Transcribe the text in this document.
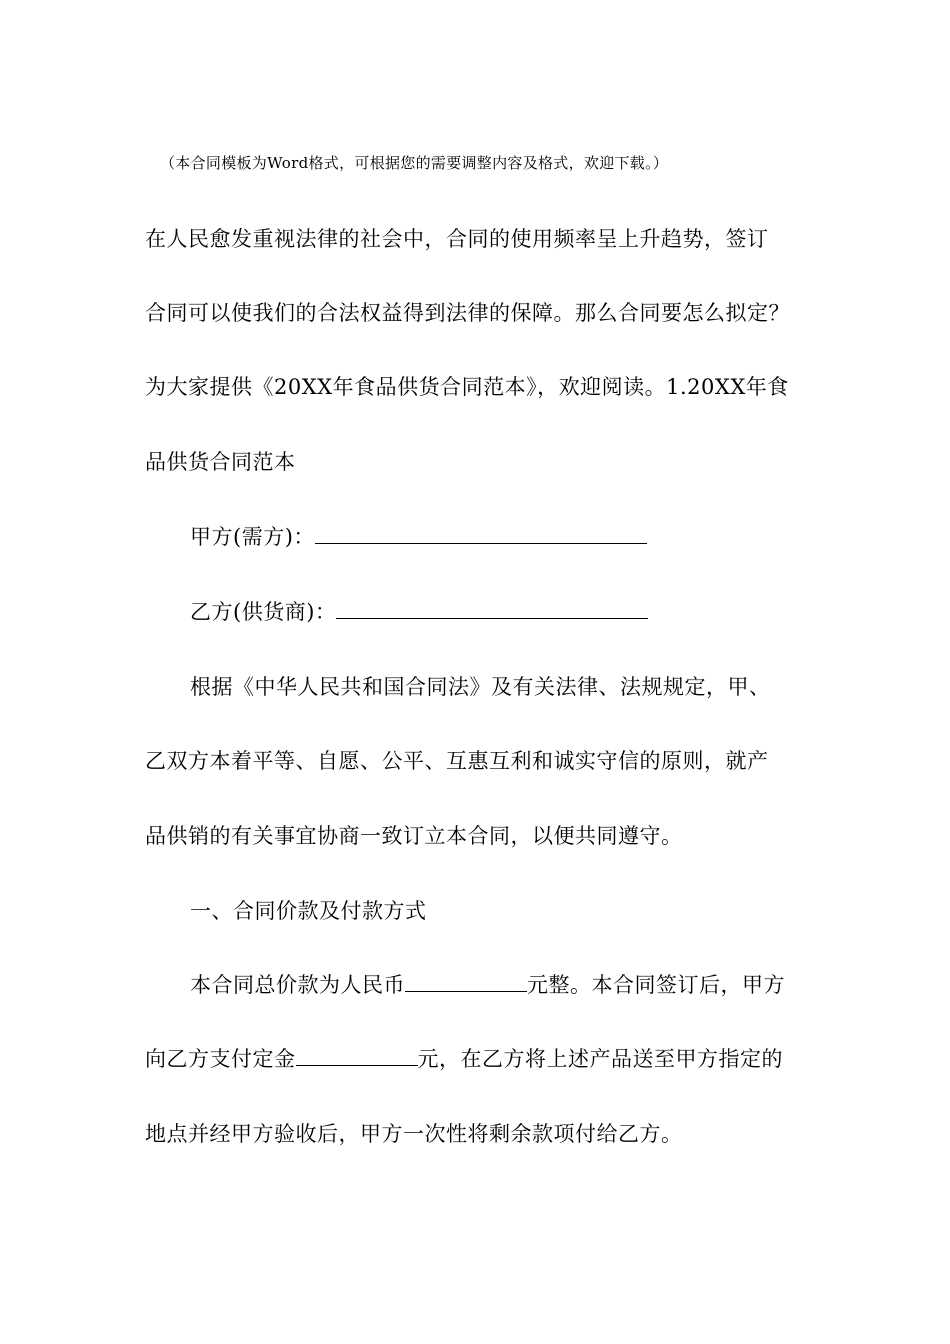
（本合同模板为Word格式，可根据您的需要调整内容及格式，欢迎下载。）
在人民愈发重视法律的社会中，合同的使用频率呈上升趋势，签订
合同可以使我们的合法权益得到法律的保障。那么合同要怎么拟定？
为大家提供《20XX年食品供货合同范本》，欢迎阅读。1.20XX年食
品供货合同范本
甲方(需方)：
乙方(供货商)：
根据《中华人民共和国合同法》及有关法律、法规规定，甲、
乙双方本着平等、自愿、公平、互惠互利和诚实守信的原则，就产
品供销的有关事宜协商一致订立本合同，以便共同遵守。
一、合同价款及付款方式
本合同总价款为人民币	元整。本合同签订后，甲方
向乙方支付定金	元，在乙方将上述产品送至甲方指定的
地点并经甲方验收后，甲方一次性将剩余款项付给乙方。
